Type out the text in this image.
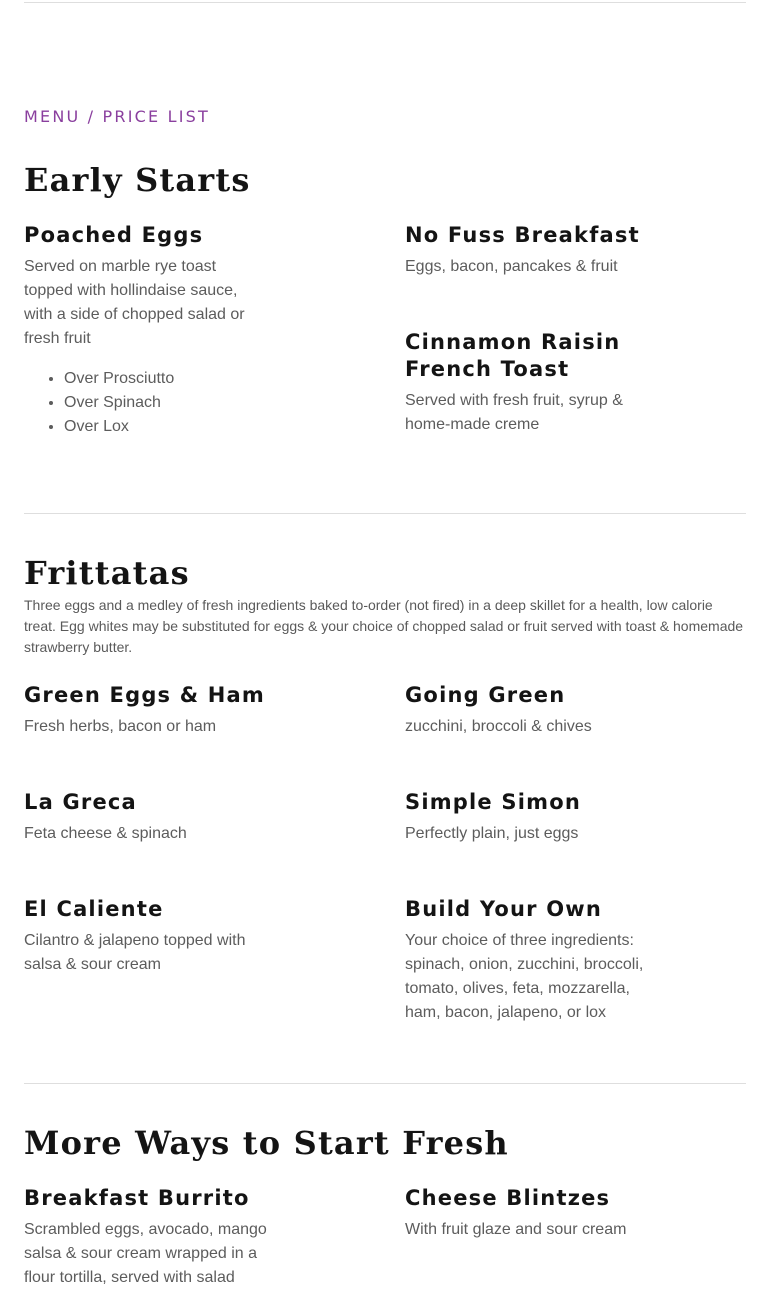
MENU / PRICE LIST

Early Starts
Poached Eggs

Served on marble rye toast topped with hollindaise sauce, with a side of chopped salad or fresh fruit

• Over Prosciutto
• Over Spinach
• Over Lox
No Fuss Breakfast

Eggs, bacon, pancakes & fruit

Cinnamon Raisin French Toast

Served with fresh fruit, syrup & home-made creme

Frittatas

Three eggs and a medley of fresh ingredients baked to-order (not fired) in a deep skillet for a health, low calorie treat. Egg whites may be substituted for eggs & your choice of chopped salad or fruit served with toast & homemade strawberry butter.

Green Eggs & Ham

Fresh herbs, bacon or ham

Going Green

zucchini, broccoli & chives

La Greca

Feta cheese & spinach

Simple Simon

Perfectly plain, just eggs

El Caliente

Cilantro & jalapeno topped with salsa & sour cream

Build Your Own

Your choice of three ingredients: spinach, onion, zucchini, broccoli, tomato, olives, feta, mozzarella, ham, bacon, jalapeno, or lox

More Ways to Start Fresh
Breakfast Burrito

Scrambled eggs, avocado, mango salsa & sour cream wrapped in a flour tortilla, served with salad

Cheese Blintzes

With fruit glaze and sour cream
